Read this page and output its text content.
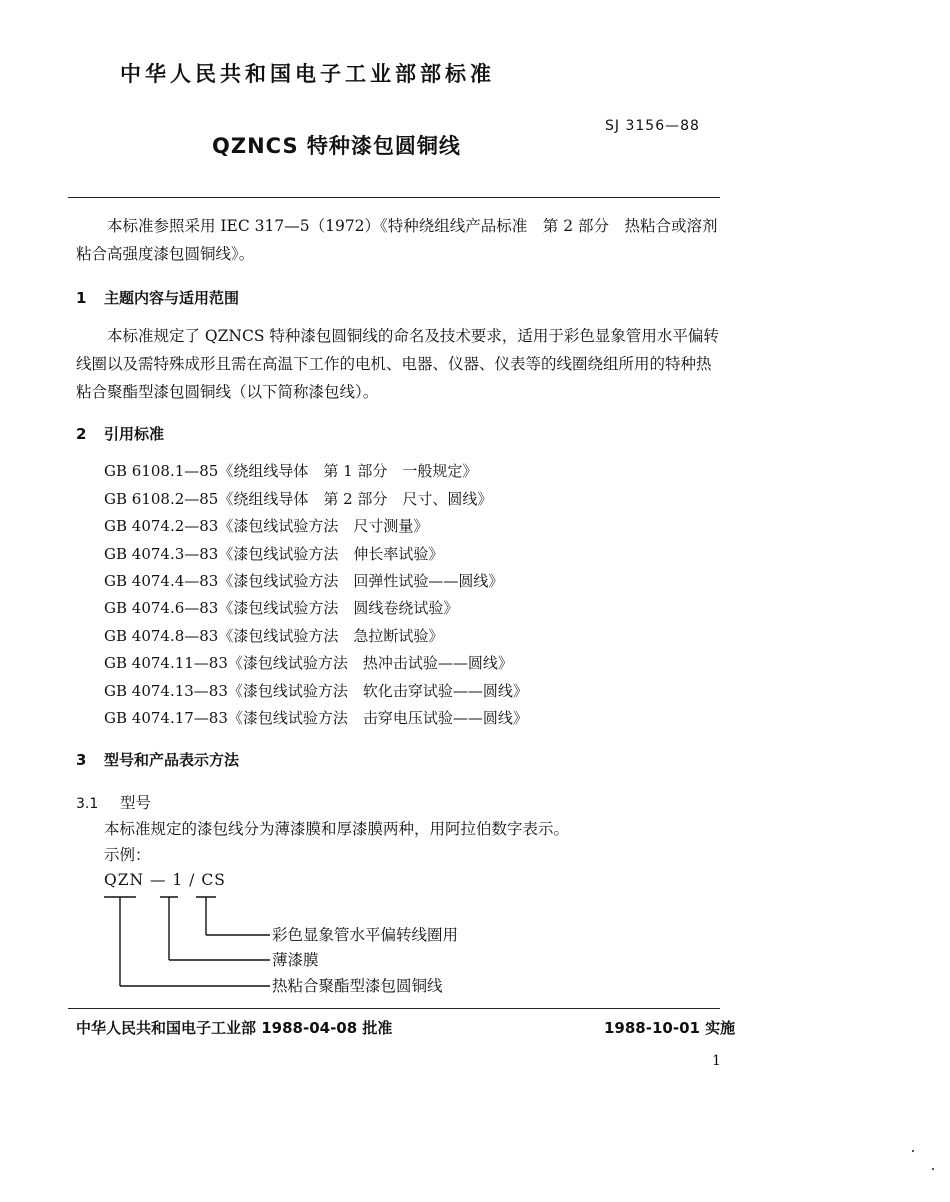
中华人民共和国电子工业部部标准
SJ 3156—88
QZNCS 特种漆包圆铜线
本标准参照采用 IEC 317—5（1972）《特种绕组线产品标准　第 2 部分　热粘合或溶剂粘合高强度漆包圆铜线》。
1 主题内容与适用范围
本标准规定了 QZNCS 特种漆包圆铜线的命名及技术要求，适用于彩色显象管用水平偏转线圈以及需特殊成形且需在高温下工作的电机、电器、仪器、仪表等的线圈绕组所用的特种热粘合聚酯型漆包圆铜线（以下简称漆包线）。
2 引用标准
GB 6108.1—85《绕组线导体　第 1 部分　一般规定》
GB 6108.2—85《绕组线导体　第 2 部分　尺寸、圆线》
GB 4074.2—83《漆包线试验方法　尺寸测量》
GB 4074.3—83《漆包线试验方法　伸长率试验》
GB 4074.4—83《漆包线试验方法　回弹性试验——圆线》
GB 4074.6—83《漆包线试验方法　圆线卷绕试验》
GB 4074.8—83《漆包线试验方法　急拉断试验》
GB 4074.11—83《漆包线试验方法　热冲击试验——圆线》
GB 4074.13—83《漆包线试验方法　软化击穿试验——圆线》
GB 4074.17—83《漆包线试验方法　击穿电压试验——圆线》
3 型号和产品表示方法
3.1 型号
本标准规定的漆包线分为薄漆膜和厚漆膜两种，用阿拉伯数字表示。
示例：
QZN — 1 / CS
彩色显象管水平偏转线圈用
薄漆膜
热粘合聚酯型漆包圆铜线
中华人民共和国电子工业部 1988-04-08 批准	1988-10-01 实施
1
